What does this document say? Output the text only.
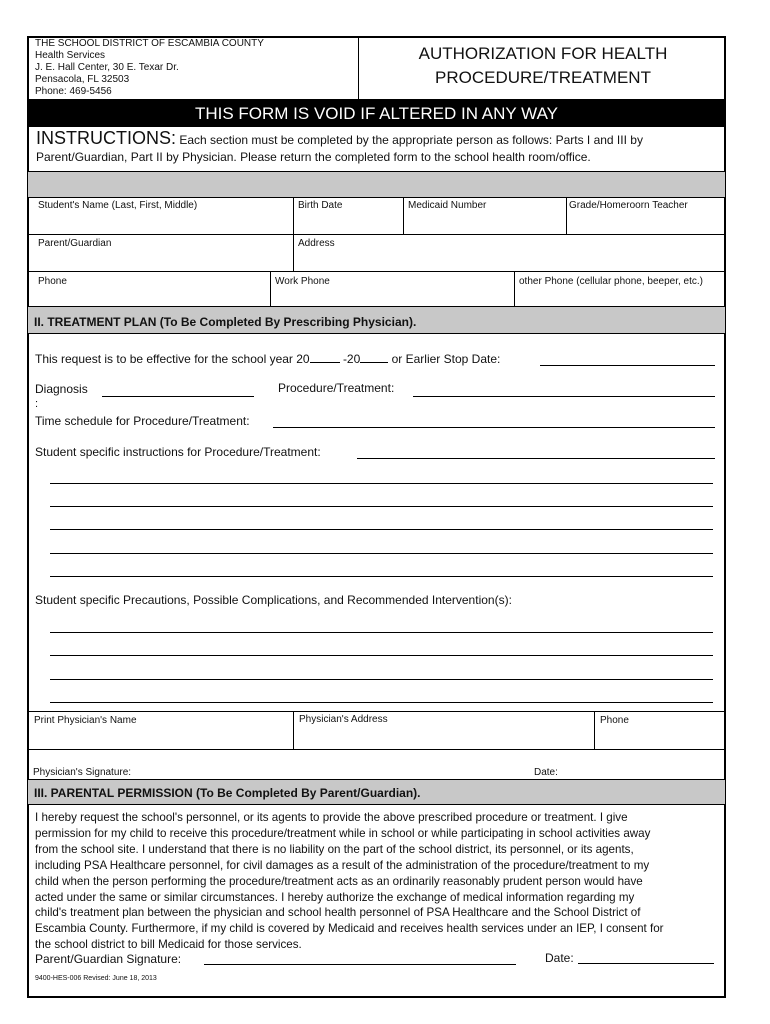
THE SCHOOL DISTRICT OF ESCAMBIA COUNTY
Health Services
J. E. Hall Center, 30 E. Texar Dr.
Pensacola, FL 32503
Phone: 469-5456
AUTHORIZATION FOR HEALTH
PROCEDURE/TREATMENT
THIS FORM IS VOID IF ALTERED IN ANY WAY
INSTRUCTIONS: Each section must be completed by the appropriate person as follows: Parts I and III by
Parent/Guardian, Part II by Physician. Please return the completed form to the school health room/office.
Student's Name (Last, First, Middle)	Birth Date	Medicaid Number	Grade/Homeroorn Teacher
Parent/Guardian	Address
Phone	Work Phone	other Phone (cellular phone, beeper, etc.)
II. TREATMENT PLAN (To Be Completed By Prescribing Physician).
This request is to be effective for the school year 20	-20	or Earlier Stop Date:
Diagnosis
:
Procedure/Treatment:
Time schedule for Procedure/Treatment:
Student specific instructions for Procedure/Treatment:
Student specific Precautions, Possible Complications, and Recommended Intervention(s):
Print Physician's Name	Physician's Address	Phone
Physician's Signature:	Date:
III. PARENTAL PERMISSION (To Be Completed By Parent/Guardian).
I hereby request the school's personnel, or its agents to provide the above prescribed procedure or treatment. I give
permission for my child to receive this procedure/treatment while in school or while participating in school activities away
from the school site. I understand that there is no liability on the part of the school district, its personnel, or its agents,
including PSA Healthcare personnel, for civil damages as a result of the administration of the procedure/treatment to my
child when the person performing the procedure/treatment acts as an ordinarily reasonably prudent person would have
acted under the same or similar circumstances. I hereby authorize the exchange of medical information regarding my
child's treatment plan between the physician and school health personnel of PSA Healthcare and the School District of
Escambia County. Furthermore, if my child is covered by Medicaid and receives health services under an IEP, I consent for
the school district to bill Medicaid for those services.
Parent/Guardian Signature:	Date:
9400-HES-006 Revised: June 18, 2013
